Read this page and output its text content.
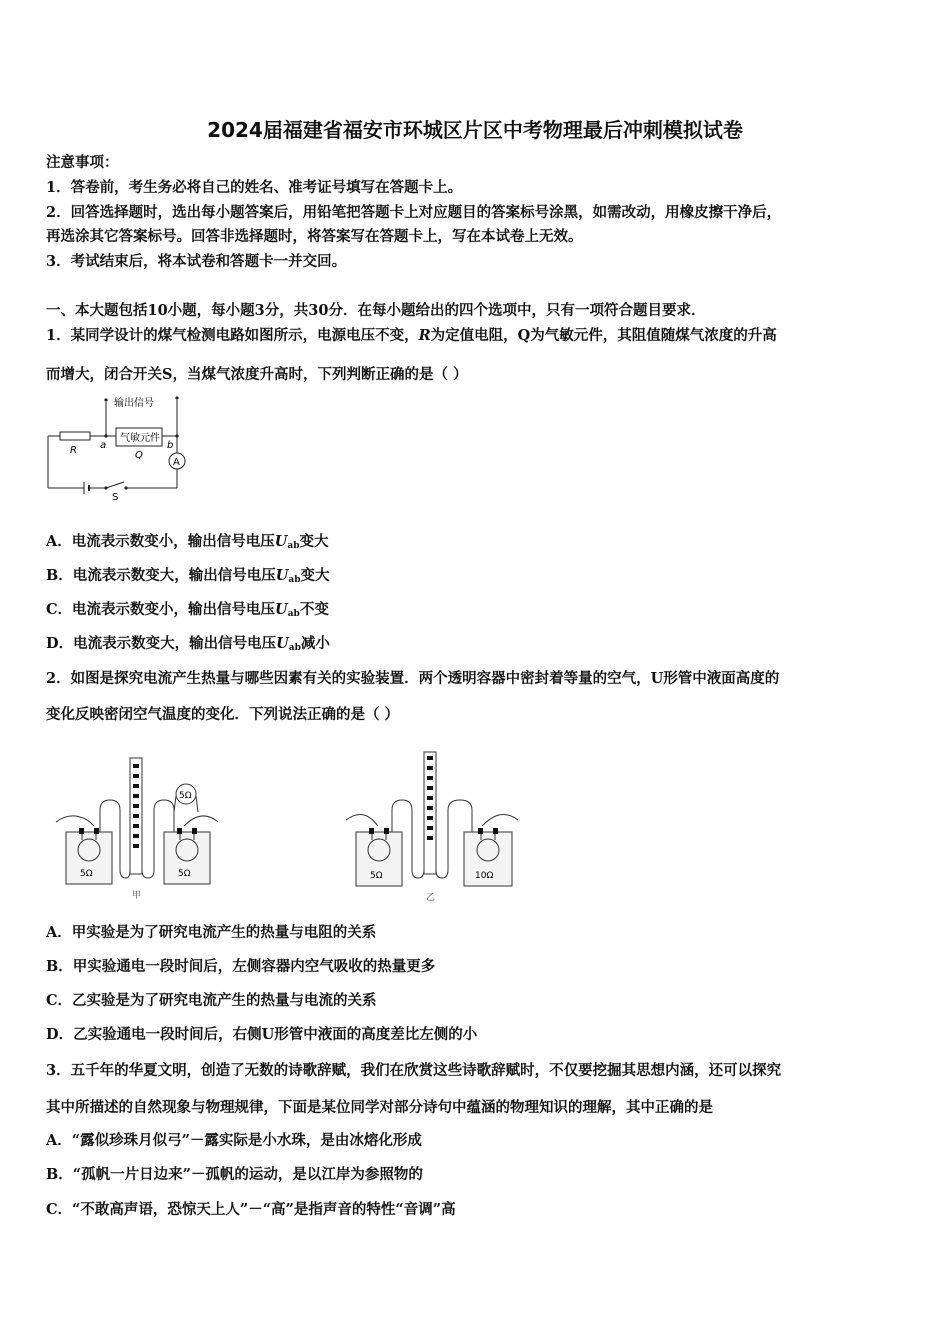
2024届福建省福安市环城区片区中考物理最后冲刺模拟试卷
注意事项：
1．答卷前，考生务必将自己的姓名、准考证号填写在答题卡上。
2．回答选择题时，选出每小题答案后，用铅笔把答题卡上对应题目的答案标号涂黑，如需改动，用橡皮擦干净后，
再选涂其它答案标号。回答非选择题时，将答案写在答题卡上，写在本试卷上无效。
3．考试结束后，将本试卷和答题卡一并交回。
一、本大题包括10小题，每小题3分，共30分．在每小题给出的四个选项中，只有一项符合题目要求．
1．某同学设计的煤气检测电路如图所示，电源电压不变，R为定值电阻，Q为气敏元件，其阻值随煤气浓度的升高
而增大，闭合开关S，当煤气浓度升高时，下列判断正确的是（ ）
输出信号
气敏元件
R a	b
Q
A
S
A．电流表示数变小，输出信号电压$U_{ab}$变大
B．电流表示数变大，输出信号电压$U_{ab}$变大
C．电流表示数变小，输出信号电压$U_{ab}$不变
D．电流表示数变大，输出信号电压$U_{ab}$减小
2．如图是探究电流产生热量与哪些因素有关的实验装置．两个透明容器中密封着等量的空气，U形管中液面高度的
变化反映密闭空气温度的变化．下列说法正确的是（ ）
5Ω
5Ω	5Ω
甲
5Ω	10Ω
乙
A．甲实验是为了研究电流产生的热量与电阻的关系
B．甲实验通电一段时间后，左侧容器内空气吸收的热量更多
C．乙实验是为了研究电流产生的热量与电流的关系
D．乙实验通电一段时间后，右侧U形管中液面的高度差比左侧的小
3．五千年的华夏文明，创造了无数的诗歌辞赋，我们在欣赏这些诗歌辞赋时，不仅要挖掘其思想内涵，还可以探究
其中所描述的自然现象与物理规律，下面是某位同学对部分诗句中蕴涵的物理知识的理解，其中正确的是
A．“露似珍珠月似弓”－露实际是小水珠，是由冰熔化形成
B．“孤帆一片日边来”－孤帆的运动，是以江岸为参照物的
C．“不敢高声语，恐惊天上人”－“高”是指声音的特性“音调”高
